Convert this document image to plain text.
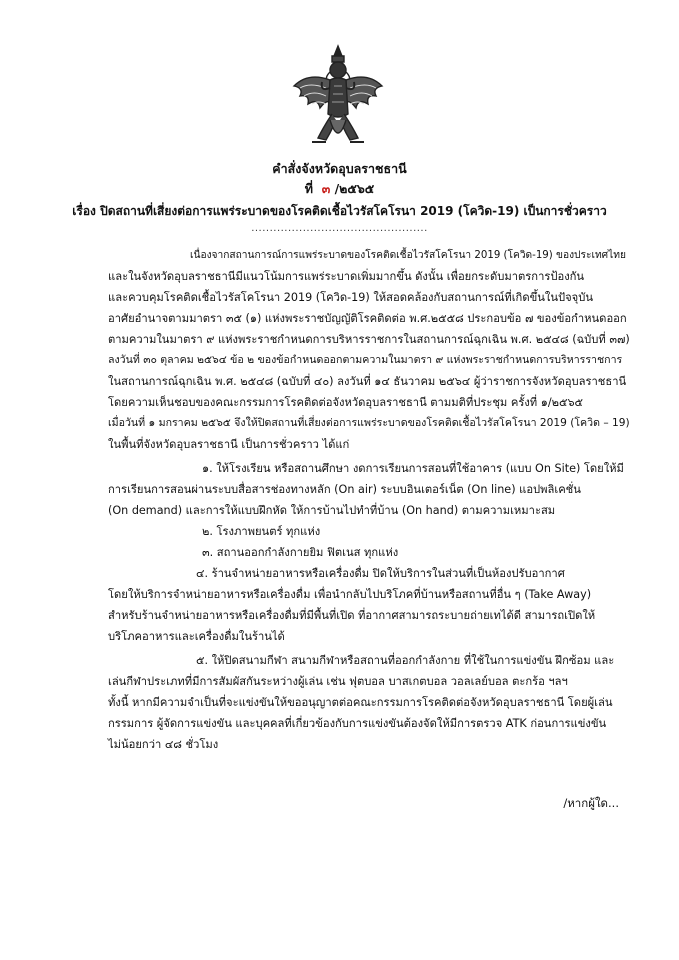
คำสั่งจังหวัดอุบลราชธานี
ที่ ๓ /๒๕๖๕
เรื่อง ปิดสถานที่เสี่ยงต่อการแพร่ระบาดของโรคติดเชื้อไวรัสโคโรนา 2019 (โควิด-19) เป็นการชั่วคราว
................................................
เนื่องจากสถานการณ์การแพร่ระบาดของโรคติดเชื้อไวรัสโคโรนา 2019 (โควิด-19) ของประเทศไทย
และในจังหวัดอุบลราชธานีมีแนวโน้มการแพร่ระบาดเพิ่มมากขึ้น ดังนั้น เพื่อยกระดับมาตรการป้องกัน
และควบคุมโรคติดเชื้อไวรัสโคโรนา 2019 (โควิด-19) ให้สอดคล้องกับสถานการณ์ที่เกิดขึ้นในปัจจุบัน
อาศัยอำนาจตามมาตรา ๓๕ (๑) แห่งพระราชบัญญัติโรคติดต่อ พ.ศ.๒๕๕๘ ประกอบข้อ ๗ ของข้อกำหนดออก
ตามความในมาตรา ๙ แห่งพระราชกำหนดการบริหารราชการในสถานการณ์ฉุกเฉิน พ.ศ. ๒๕๔๘ (ฉบับที่ ๓๗)
ลงวันที่ ๓๐ ตุลาคม ๒๕๖๔ ข้อ ๒ ของข้อกำหนดออกตามความในมาตรา ๙ แห่งพระราชกำหนดการบริหารราชการ
ในสถานการณ์ฉุกเฉิน พ.ศ. ๒๕๔๘ (ฉบับที่ ๔๐) ลงวันที่ ๑๔ ธันวาคม ๒๕๖๔ ผู้ว่าราชการจังหวัดอุบลราชธานี
โดยความเห็นชอบของคณะกรรมการโรคติดต่อจังหวัดอุบลราชธานี ตามมติที่ประชุม ครั้งที่ ๑/๒๕๖๕
เมื่อวันที่ ๑ มกราคม ๒๕๖๕ จึงให้ปิดสถานที่เสี่ยงต่อการแพร่ระบาดของโรคติดเชื้อไวรัสโคโรนา 2019 (โควิด – 19)
ในพื้นที่จังหวัดอุบลราชธานี เป็นการชั่วคราว ได้แก่
๑. ให้โรงเรียน หรือสถานศึกษา งดการเรียนการสอนที่ใช้อาคาร (แบบ On Site) โดยให้มี
การเรียนการสอนผ่านระบบสื่อสารช่องทางหลัก (On air) ระบบอินเตอร์เน็ต (On line) แอปพลิเคชั่น
(On demand) และการให้แบบฝึกหัด ให้การบ้านไปทำที่บ้าน (On hand) ตามความเหมาะสม
๒. โรงภาพยนตร์ ทุกแห่ง
๓. สถานออกกำลังกายยิม ฟิตเนส ทุกแห่ง
๔. ร้านจำหน่ายอาหารหรือเครื่องดื่ม ปิดให้บริการในส่วนที่เป็นห้องปรับอากาศ
โดยให้บริการจำหน่ายอาหารหรือเครื่องดื่ม เพื่อนำกลับไปบริโภคที่บ้านหรือสถานที่อื่น ๆ (Take Away)
สำหรับร้านจำหน่ายอาหารหรือเครื่องดื่มที่มีพื้นที่เปิด ที่อากาศสามารถระบายถ่ายเทได้ดี สามารถเปิดให้
บริโภคอาหารและเครื่องดื่มในร้านได้
๕. ให้ปิดสนามกีฬา สนามกีฬาหรือสถานที่ออกกำลังกาย ที่ใช้ในการแข่งขัน ฝึกซ้อม และ
เล่นกีฬาประเภทที่มีการสัมผัสกันระหว่างผู้เล่น เช่น ฟุตบอล บาสเกตบอล วอลเลย์บอล ตะกร้อ ฯลฯ
ทั้งนี้ หากมีความจำเป็นที่จะแข่งขันให้ขออนุญาตต่อคณะกรรมการโรคติดต่อจังหวัดอุบลราชธานี โดยผู้เล่น
กรรมการ ผู้จัดการแข่งขัน และบุคคลที่เกี่ยวข้องกับการแข่งขันต้องจัดให้มีการตรวจ ATK ก่อนการแข่งขัน
ไม่น้อยกว่า ๔๘ ชั่วโมง
/หากผู้ใด...
